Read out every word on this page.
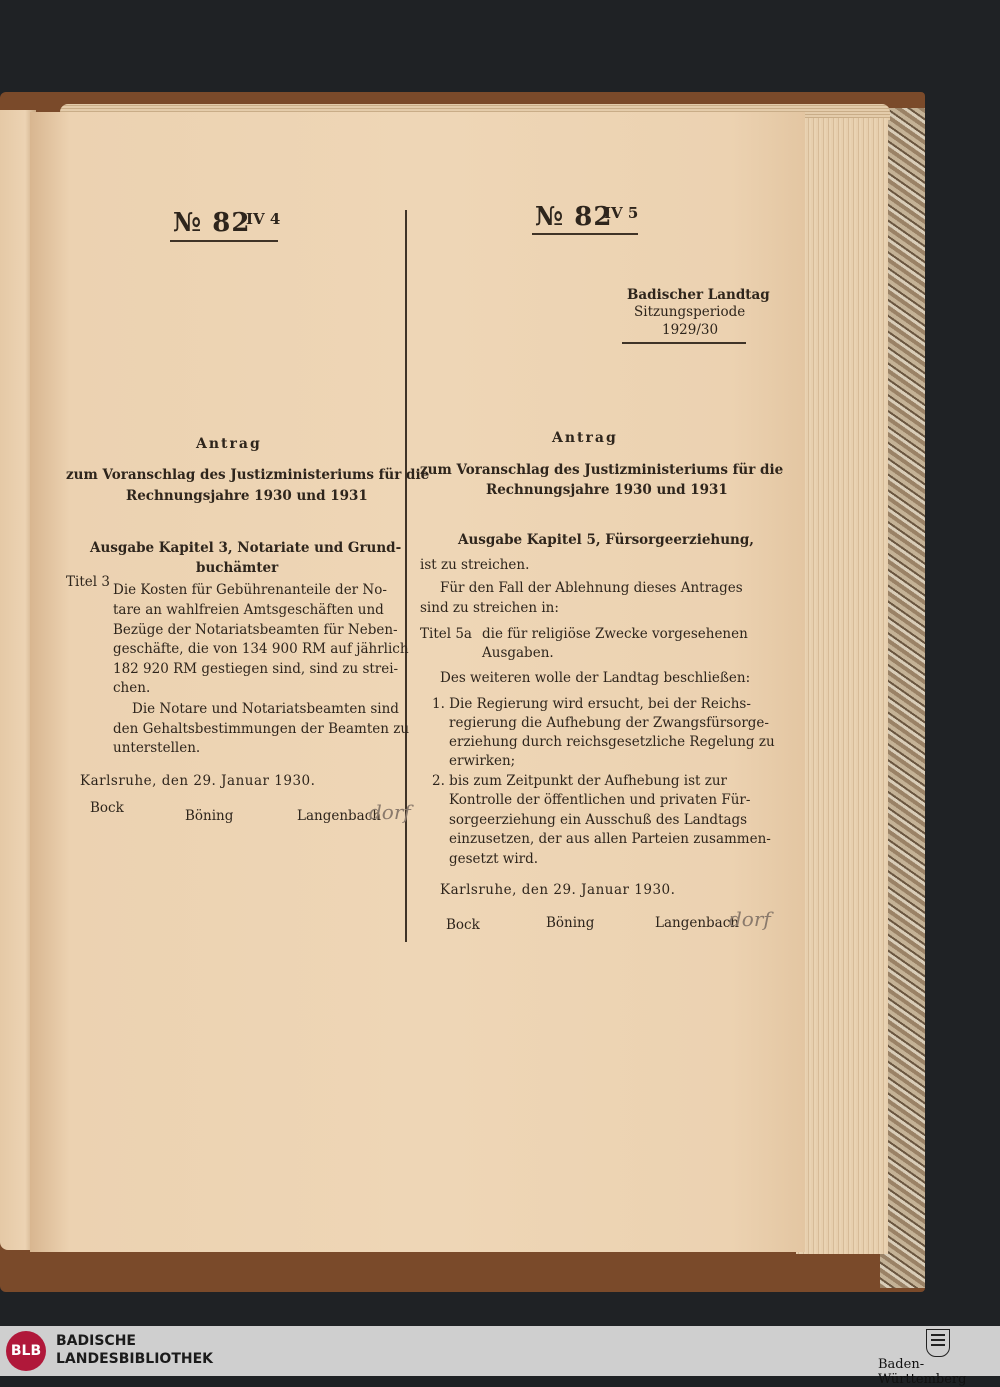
№ 82
IV 4
Antrag
zum Voranschlag des Justizministeriums für die
Rechnungsjahre 1930 und 1931
Ausgabe Kapitel 3, Notariate und Grund-
buchämter
Titel 3 Die Kosten für Gebührenanteile der No-
tare an wahlfreien Amtsgeschäften und
Bezüge der Notariatsbeamten für Neben-
geschäfte, die von 134 900 RM auf jährlich
182 920 RM gestiegen sind, sind zu strei-
chen.
Die Notare und Notariatsbeamten sind
den Gehaltsbestimmungen der Beamten zu
unterstellen.
Karlsruhe, den 29. Januar 1930.
Bock	Böning	Langenbach
dorf
№ 82
IV 5
Badischer Landtag
Sitzungsperiode
1929/30
Antrag
zum Voranschlag des Justizministeriums für die
Rechnungsjahre 1930 und 1931
Ausgabe Kapitel 5, Fürsorgeerziehung,
ist zu streichen.
Für den Fall der Ablehnung dieses Antrages
sind zu streichen in:
Titel 5a die für religiöse Zwecke vorgesehenen
Ausgaben.
Des weiteren wolle der Landtag beschließen:
1. Die Regierung wird ersucht, bei der Reichs-
regierung die Aufhebung der Zwangsfürsorge-
erziehung durch reichsgesetzliche Regelung zu
erwirken;
2. bis zum Zeitpunkt der Aufhebung ist zur
Kontrolle der öffentlichen und privaten Für-
sorgeerziehung ein Ausschuß des Landtags
einzusetzen, der aus allen Parteien zusammen-
gesetzt wird.
Karlsruhe, den 29. Januar 1930.
Bock	Böning	Langenbach
dorf
BLB
BADISCHE
LANDESBIBLIOTHEK	Baden-Württemberg
